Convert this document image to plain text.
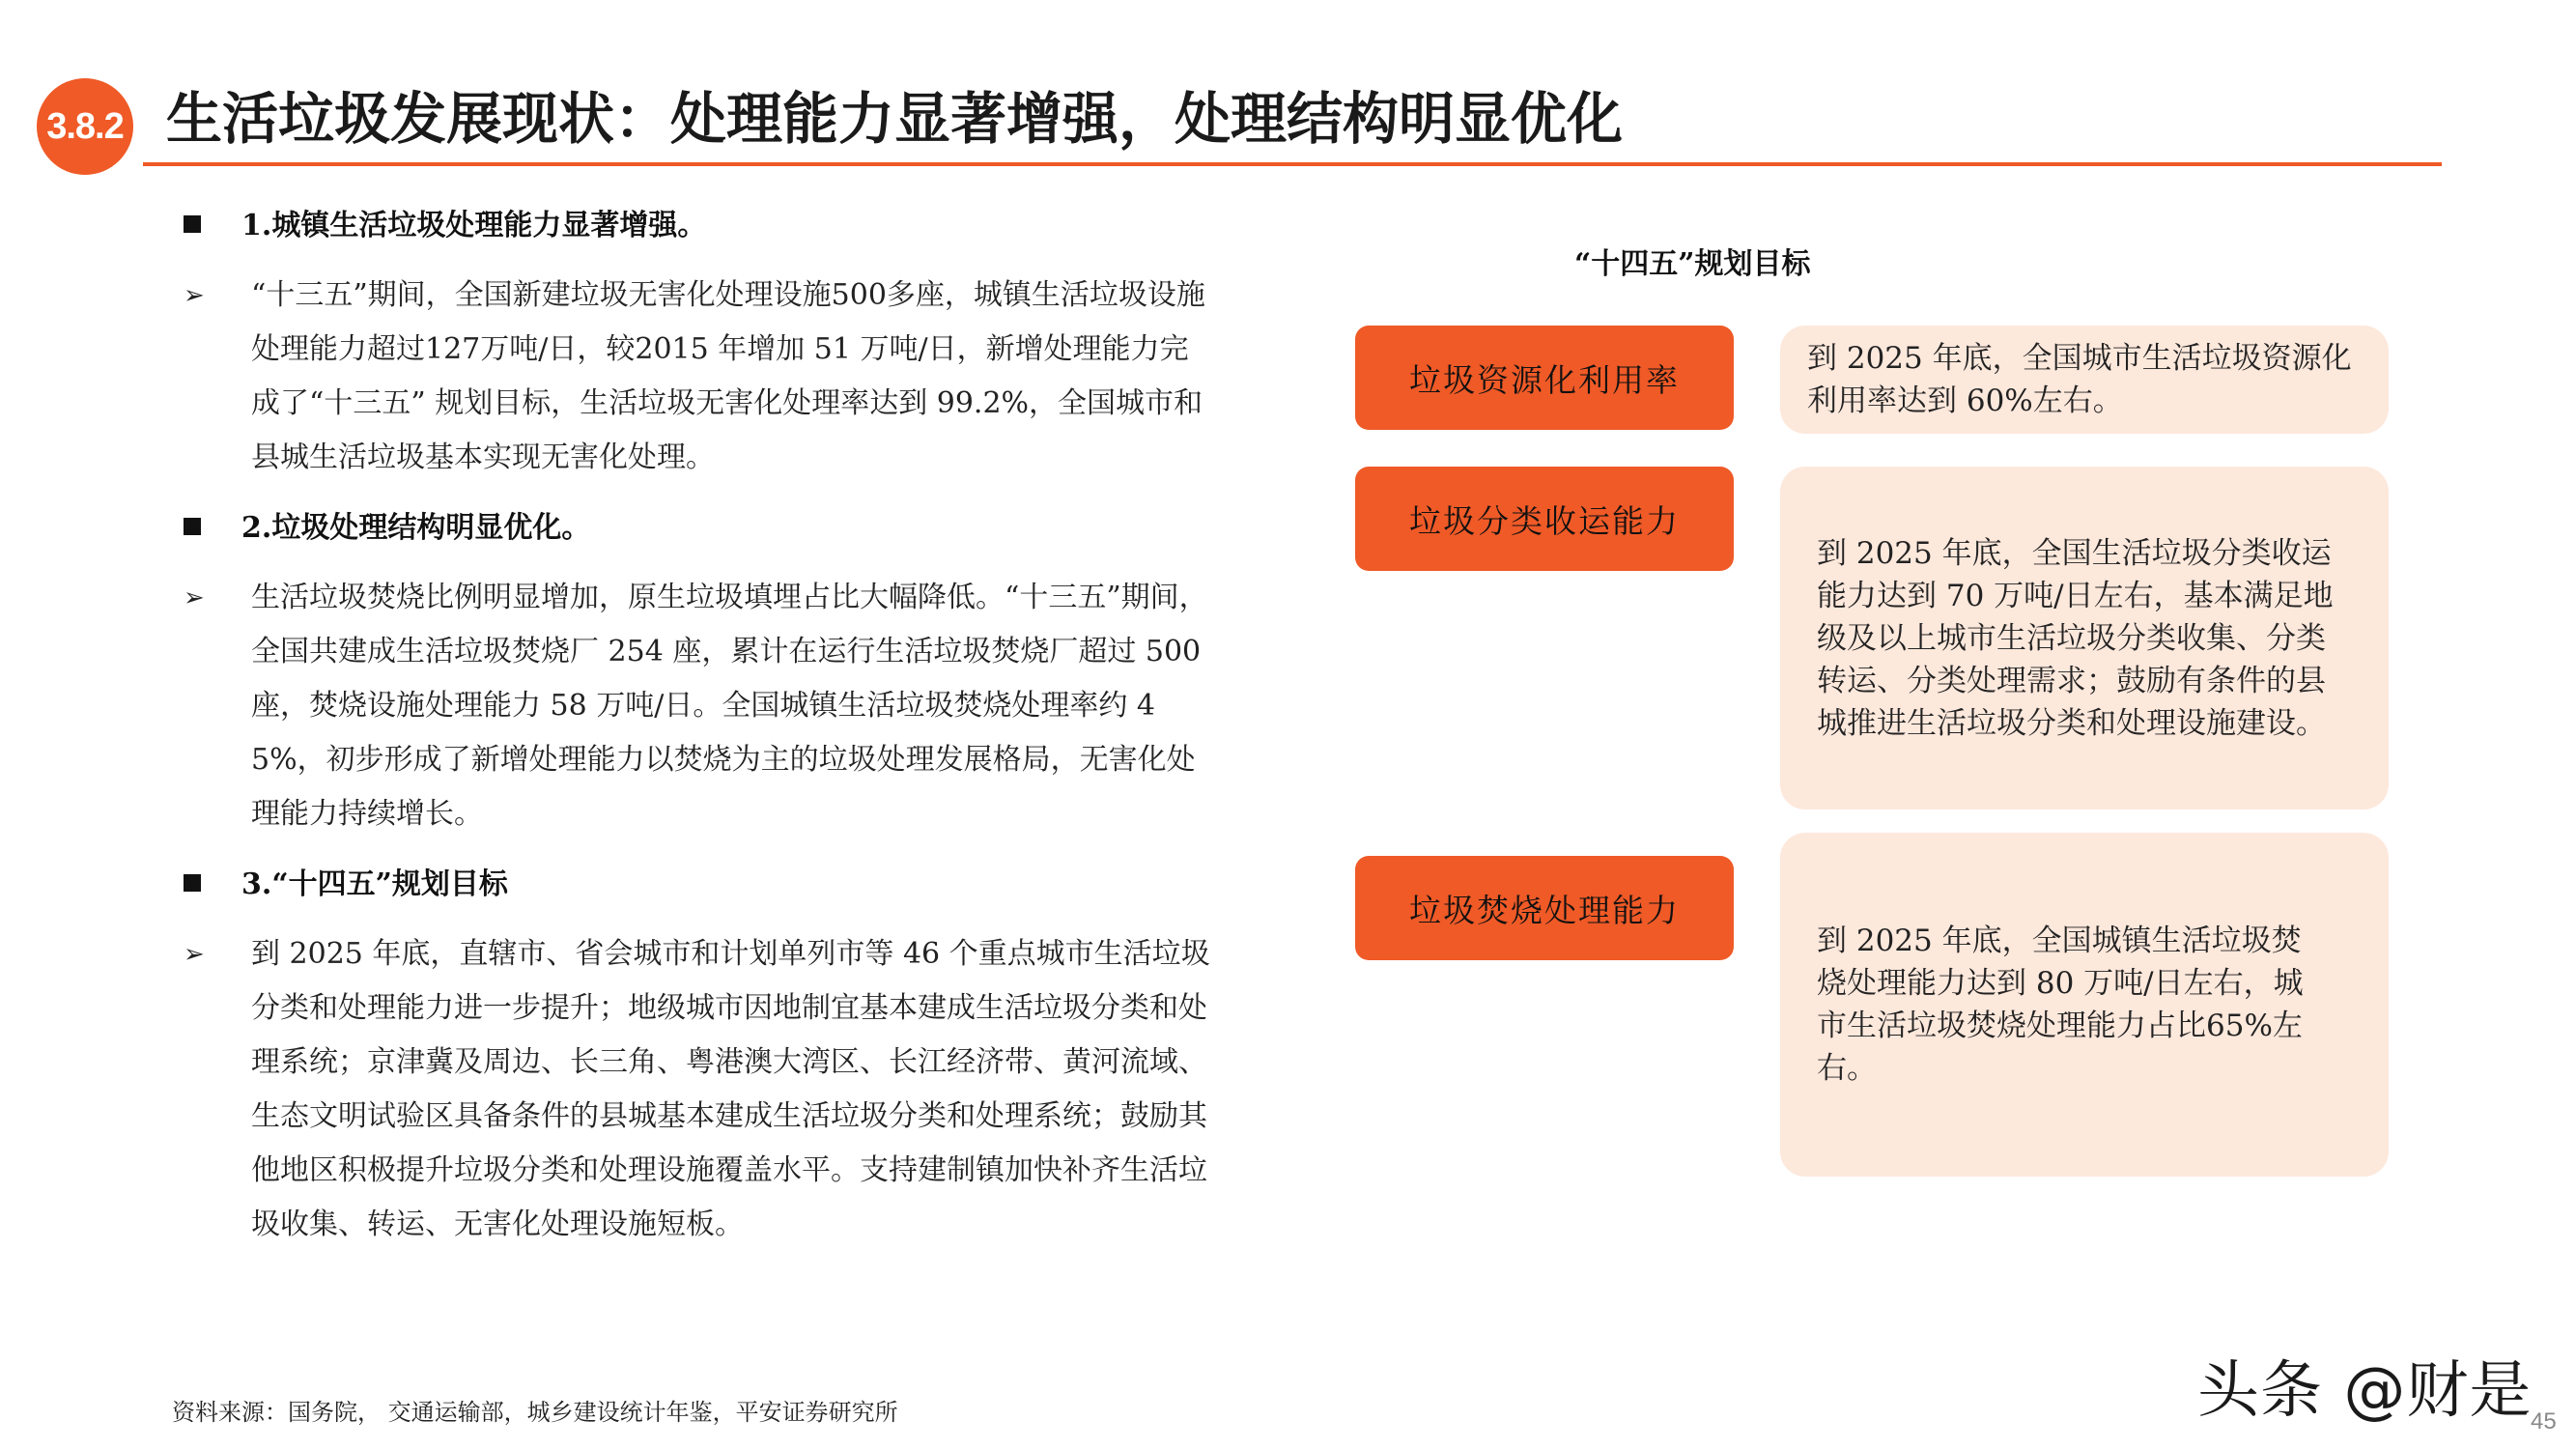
3.8.2 生活垃圾发展现状：处理能力显著增强，处理结构明显优化
1.城镇生活垃圾处理能力显著增强。
➢ “十三五”期间，全国新建垃圾无害化处理设施500多座，城镇生活垃圾设施处理能力超过127万吨/日，较2015 年增加 51 万吨/日，新增处理能力完成了“十三五” 规划目标，生活垃圾无害化处理率达到 99.2%，全国城市和县城生活垃圾基本实现无害化处理。
2.垃圾处理结构明显优化。
➢ 生活垃圾焚烧比例明显增加，原生垃圾填埋占比大幅降低。“十三五”期间，全国共建成生活垃圾焚烧厂 254 座，累计在运行生活垃圾焚烧厂超过 500 座，焚烧设施处理能力 58 万吨/日。全国城镇生活垃圾焚烧处理率约 45%，初步形成了新增处理能力以焚烧为主的垃圾处理发展格局，无害化处理能力持续增长。
3.“十四五”规划目标
➢ 到 2025 年底，直辖市、省会城市和计划单列市等 46 个重点城市生活垃圾分类和处理能力进一步提升；地级城市因地制宜基本建成生活垃圾分类和处理系统；京津冀及周边、长三角、粤港澳大湾区、长江经济带、黄河流域、生态文明试验区具备条件的县城基本建成生活垃圾分类和处理系统；鼓励其他地区积极提升垃圾分类和处理设施覆盖水平。支持建制镇加快补齐生活垃圾收集、转运、无害化处理设施短板。
“十四五”规划目标
垃圾资源化利用率
到 2025 年底，全国城市生活垃圾资源化利用率达到 60%左右。
垃圾分类收运能力
到 2025 年底，全国生活垃圾分类收运能力达到 70 万吨/日左右，基本满足地级及以上城市生活垃圾分类收集、分类转运、分类处理需求；鼓励有条件的县城推进生活垃圾分类和处理设施建设。
垃圾焚烧处理能力
到 2025 年底，全国城镇生活垃圾焚烧处理能力达到 80 万吨/日左右，城市生活垃圾焚烧处理能力占比65%左右。
资料来源：国务院， 交通运输部，城乡建设统计年鉴，平安证券研究所	头条 @财是
45
